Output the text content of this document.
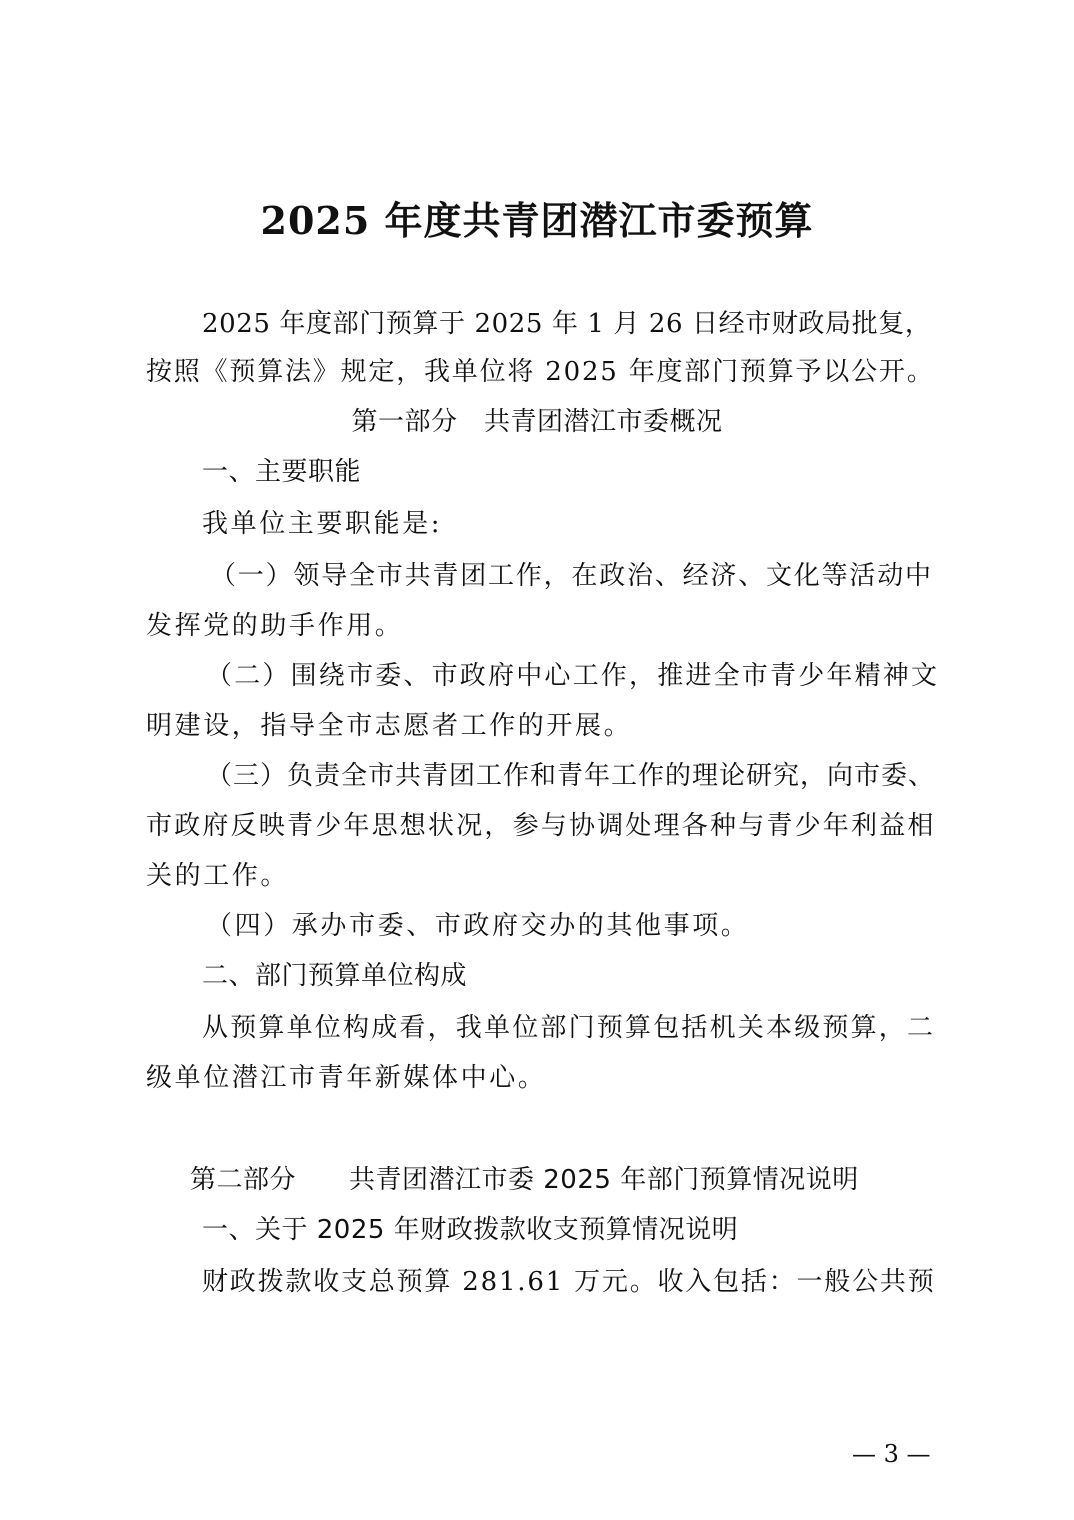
2025 年度共青团潜江市委预算
2025 年度部门预算于 2025 年 1 月 26 日经市财政局批复，
按照《预算法》规定，我单位将 2025 年度部门预算予以公开。
第一部分　共青团潜江市委概况
一、主要职能
我单位主要职能是:
（一）领导全市共青团工作，在政治、经济、文化等活动中
发挥党的助手作用。
（二）围绕市委、市政府中心工作，推进全市青少年精神文
明建设，指导全市志愿者工作的开展。
（三）负责全市共青团工作和青年工作的理论研究，向市委、
市政府反映青少年思想状况，参与协调处理各种与青少年利益相
关的工作。
（四）承办市委、市政府交办的其他事项。
二、部门预算单位构成
从预算单位构成看，我单位部门预算包括机关本级预算，二
级单位潜江市青年新媒体中心。
第二部分　　共青团潜江市委 2025 年部门预算情况说明
一、关于 2025 年财政拨款收支预算情况说明
财政拨款收支总预算 281.61 万元。收入包括：一般公共预
— 3 —
